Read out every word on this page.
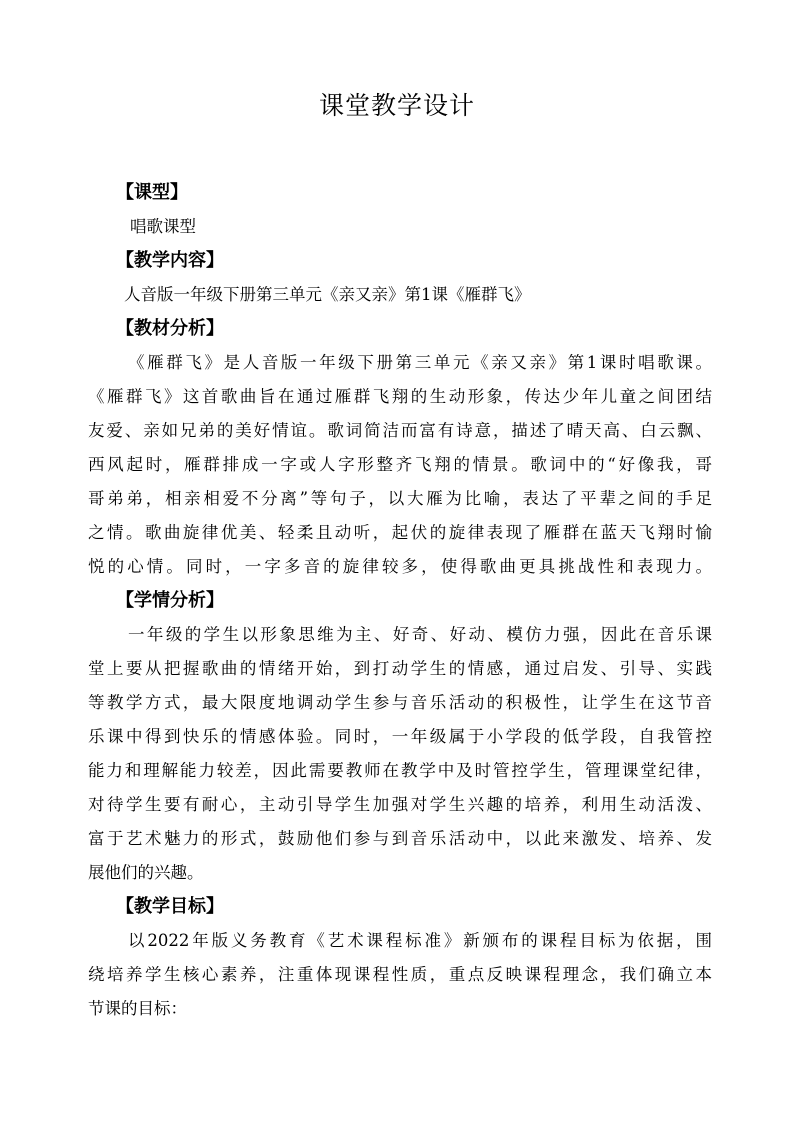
课堂教学设计
【课型】
唱歌课型
【教学内容】
人音版一年级下册第三单元《亲又亲》第1课《雁群飞》
【教材分析】
《雁群飞》是人音版一年级下册第三单元《亲又亲》第1课时唱歌课。
《雁群飞》这首歌曲旨在通过雁群飞翔的生动形象，传达少年儿童之间团结
友爱、亲如兄弟的美好情谊。歌词简洁而富有诗意，描述了晴天高、白云飘、
西风起时，雁群排成一字或人字形整齐飞翔的情景。歌词中的“好像我，哥
哥弟弟，相亲相爱不分离”等句子，以大雁为比喻，表达了平辈之间的手足
之情。歌曲旋律优美、轻柔且动听，起伏的旋律表现了雁群在蓝天飞翔时愉
悦的心情。同时，一字多音的旋律较多，使得歌曲更具挑战性和表现力。
【学情分析】
一年级的学生以形象思维为主、好奇、好动、模仿力强，因此在音乐课
堂上要从把握歌曲的情绪开始，到打动学生的情感，通过启发、引导、实践
等教学方式，最大限度地调动学生参与音乐活动的积极性，让学生在这节音
乐课中得到快乐的情感体验。同时，一年级属于小学段的低学段，自我管控
能力和理解能力较差，因此需要教师在教学中及时管控学生，管理课堂纪律，
对待学生要有耐心，主动引导学生加强对学生兴趣的培养，利用生动活泼、
富于艺术魅力的形式，鼓励他们参与到音乐活动中，以此来激发、培养、发
展他们的兴趣。
【教学目标】
以2022年版义务教育《艺术课程标准》新颁布的课程目标为依据，围
绕培养学生核心素养，注重体现课程性质，重点反映课程理念，我们确立本
节课的目标：
